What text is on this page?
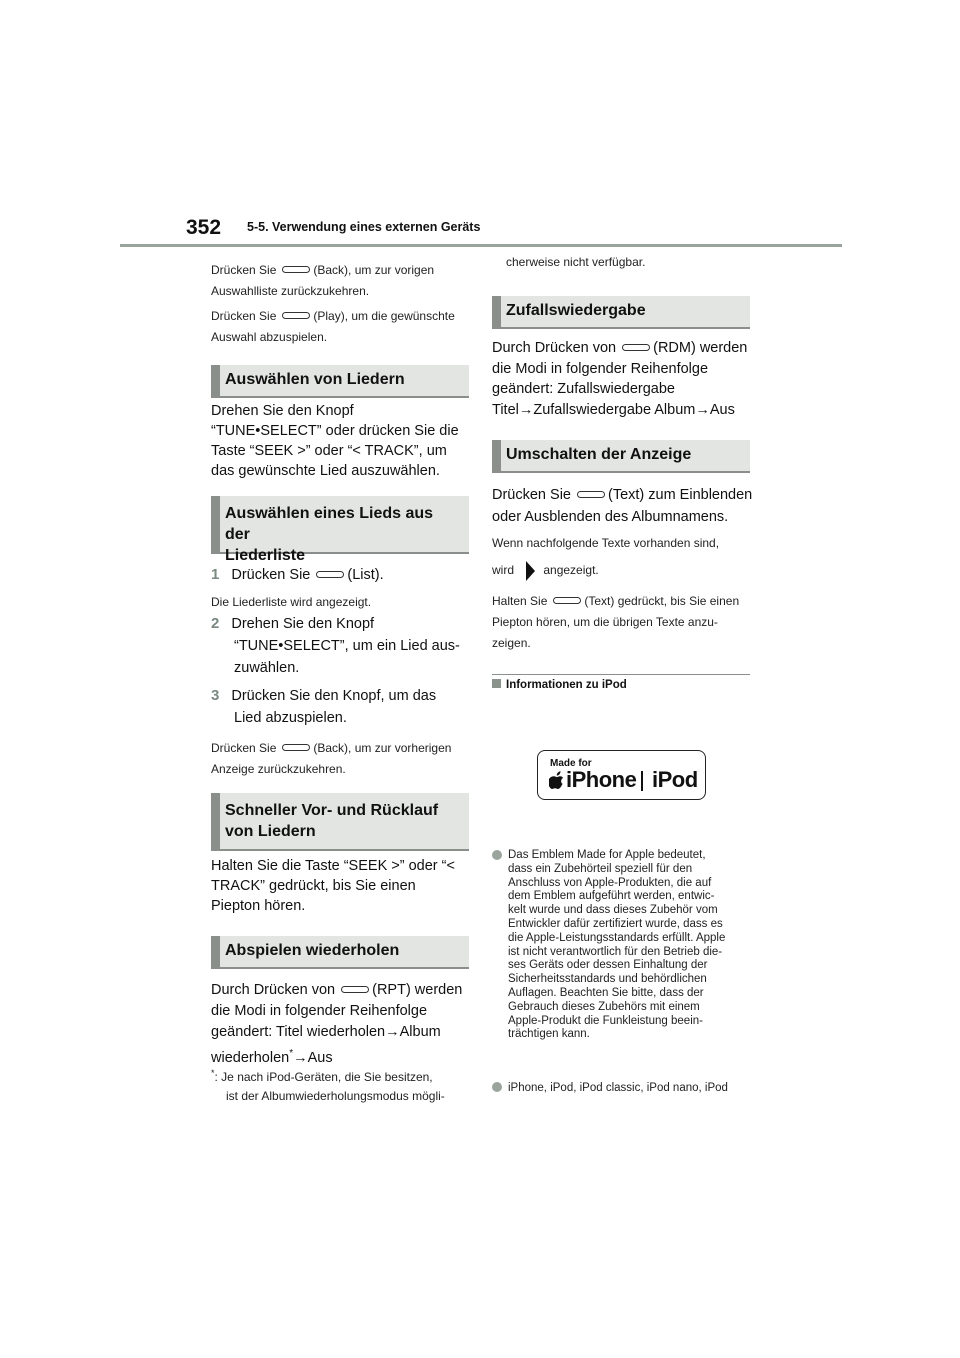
352 5-5. Verwendung eines externen Geräts
Drücken Sie	(Back), um zur vorigen
Auswahlliste zurückzukehren.
Drücken Sie	(Play), um die gewünschte
Auswahl abzuspielen.
Auswählen von Liedern
Drehen Sie den Knopf
“TUNE•SELECT” oder drücken Sie die
Taste “SEEK >” oder “< TRACK”, um
das gewünschte Lied auszuwählen.
Auswählen eines Lieds aus der
Liederliste
1 Drücken Sie	(List).
Die Liederliste wird angezeigt.
2 Drehen Sie den Knopf
“TUNE•SELECT”, um ein Lied aus-
zuwählen.
3 Drücken Sie den Knopf, um das
Lied abzuspielen.
Drücken Sie	(Back), um zur vorherigen
Anzeige zurückzukehren.
Schneller Vor- und Rücklauf
von Liedern
Halten Sie die Taste “SEEK >” oder “<
TRACK” gedrückt, bis Sie einen
Piepton hören.
Abspielen wiederholen
Durch Drücken von	(RPT) werden
die Modi in folgender Reihenfolge
geändert: Titel wiederholen→Album
wiederholen*→Aus
*: Je nach iPod-Geräten, die Sie besitzen,
ist der Albumwiederholungsmodus mögli-
cherweise nicht verfügbar.
Zufallswiedergabe
Durch Drücken von	(RDM) werden
die Modi in folgender Reihenfolge
geändert: Zufallswiedergabe
Titel→Zufallswiedergabe Album→Aus
Umschalten der Anzeige
Drücken Sie	(Text) zum Einblenden
oder Ausblenden des Albumnamens.
Wenn nachfolgende Texte vorhanden sind,
wird angezeigt.
Halten Sie	(Text) gedrückt, bis Sie einen
Piepton hören, um die übrigen Texte anzu-
zeigen.
Informationen zu iPod
Made for
iPhone iPod
Das Emblem Made for Apple bedeutet,
dass ein Zubehörteil speziell für den
Anschluss von Apple-Produkten, die auf
dem Emblem aufgeführt werden, entwic-
kelt wurde und dass dieses Zubehör vom
Entwickler dafür zertifiziert wurde, dass es
die Apple-Leistungsstandards erfüllt. Apple
ist nicht verantwortlich für den Betrieb die-
ses Geräts oder dessen Einhaltung der
Sicherheitsstandards und behördlichen
Auflagen. Beachten Sie bitte, dass der
Gebrauch dieses Zubehörs mit einem
Apple-Produkt die Funkleistung beein-
trächtigen kann.
iPhone, iPod, iPod classic, iPod nano, iPod
